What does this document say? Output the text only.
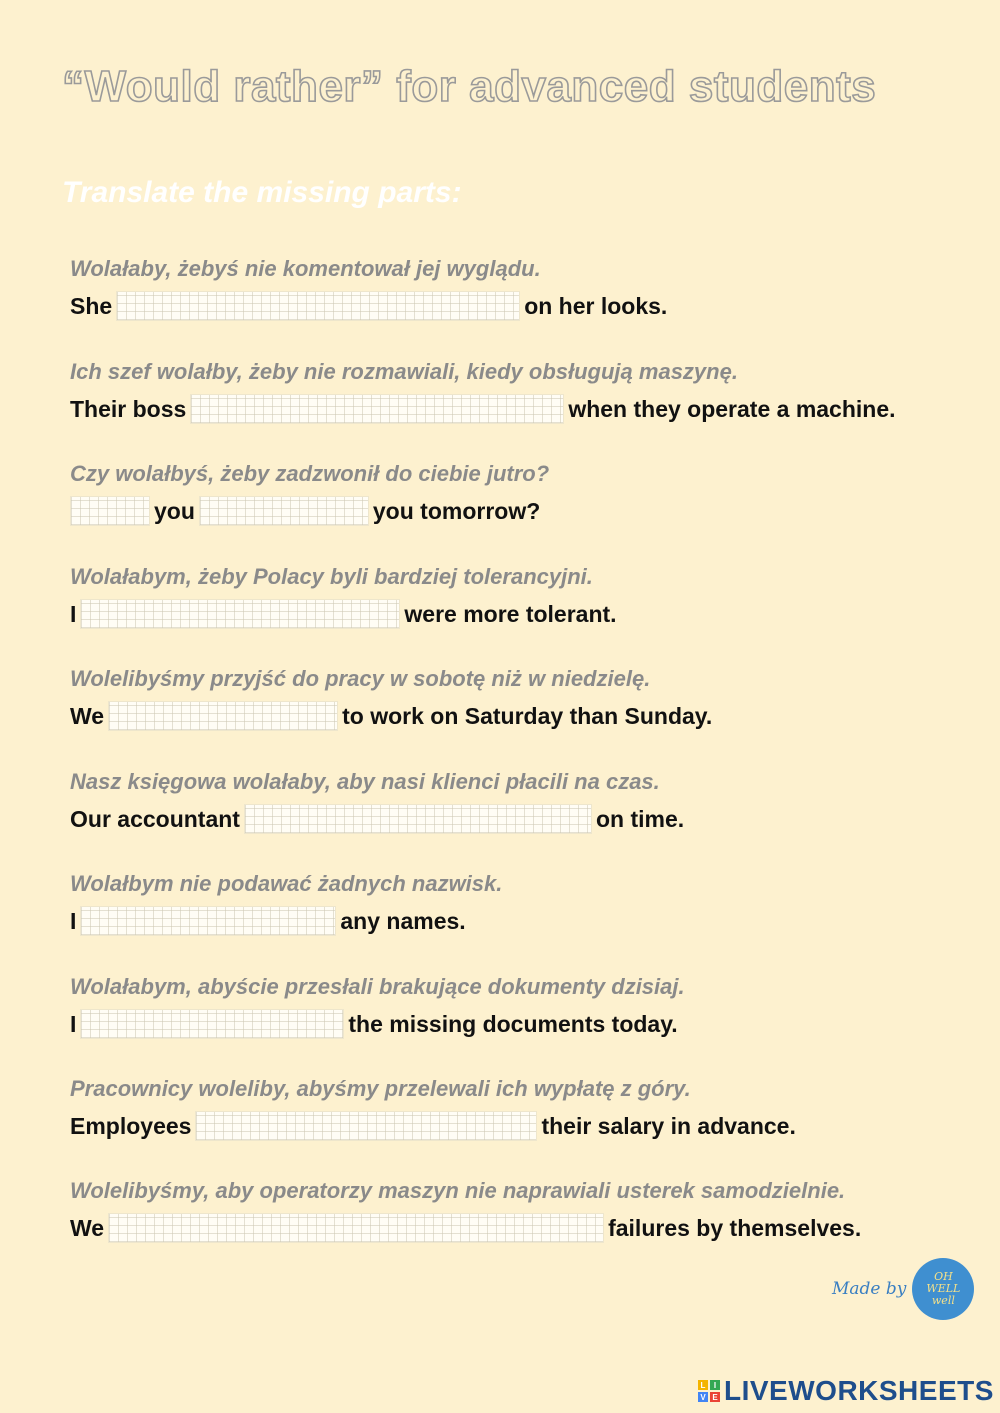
“Would rather” for advanced students
Translate the missing parts:
Wolałaby, żebyś nie komentował jej wyglądu.
She	on her looks.
Ich szef wolałby, żeby nie rozmawiali, kiedy obsługują maszynę.
Their boss	when they operate a machine.
Czy wolałbyś, żeby zadzwonił do ciebie jutro?
you	you tomorrow?
Wolałabym, żeby Polacy byli bardziej tolerancyjni.
I	were more tolerant.
Wolelibyśmy przyjść do pracy w sobotę niż w niedzielę.
We	to work on Saturday than Sunday.
Nasz księgowa wolałaby, aby nasi klienci płacili na czas.
Our accountant	on time.
Wolałbym nie podawać żadnych nazwisk.
I	any names.
Wolałabym, abyście przesłali brakujące dokumenty dzisiaj.
I	the missing documents today.
Pracownicy woleliby, abyśmy przelewali ich wypłatę z góry.
Employees	their salary in advance.
Wolelibyśmy, aby operatorzy maszyn nie naprawiali usterek samodzielnie.
We	failures by themselves.
Made by
OH WELL
well
L	I
V E LIVEWORKSHEETS
